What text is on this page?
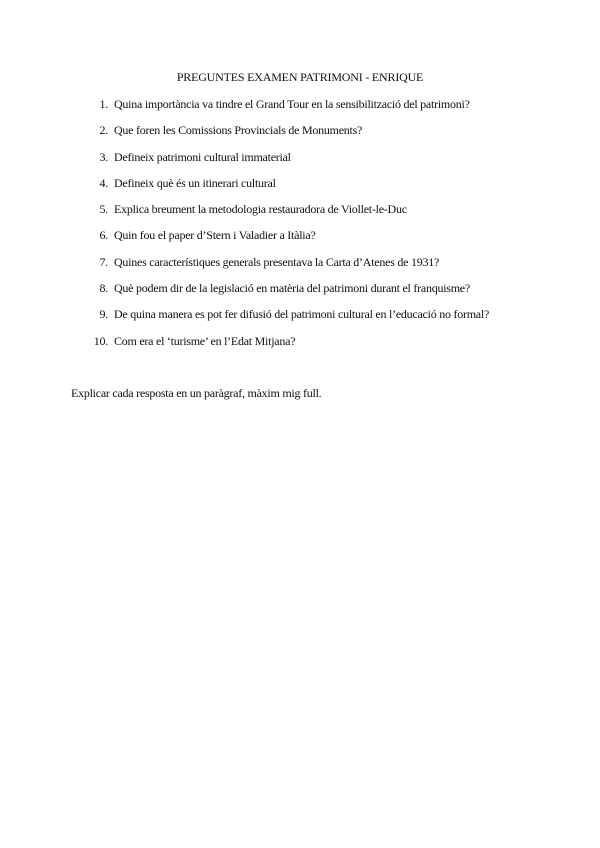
PREGUNTES EXAMEN PATRIMONI - ENRIQUE
1. Quina importància va tindre el Grand Tour en la sensibilització del patrimoni?
2. Que foren les Comissions Provincials de Monuments?
3. Defineix patrimoni cultural immaterial
4. Defineix què és un itinerari cultural
5. Explica breument la metodologia restauradora de Viollet-le-Duc
6. Quin fou el paper d’Stern i Valadier a Itàlia?
7. Quines característiques generals presentava la Carta d’Atenes de 1931?
8. Què podem dir de la legislació en matèria del patrimoni durant el franquisme?
9. De quina manera es pot fer difusió del patrimoni cultural en l’educació no formal?
10. Com era el ‘turisme’ en l’Edat Mitjana?
Explicar cada resposta en un paràgraf, màxim mig full.
